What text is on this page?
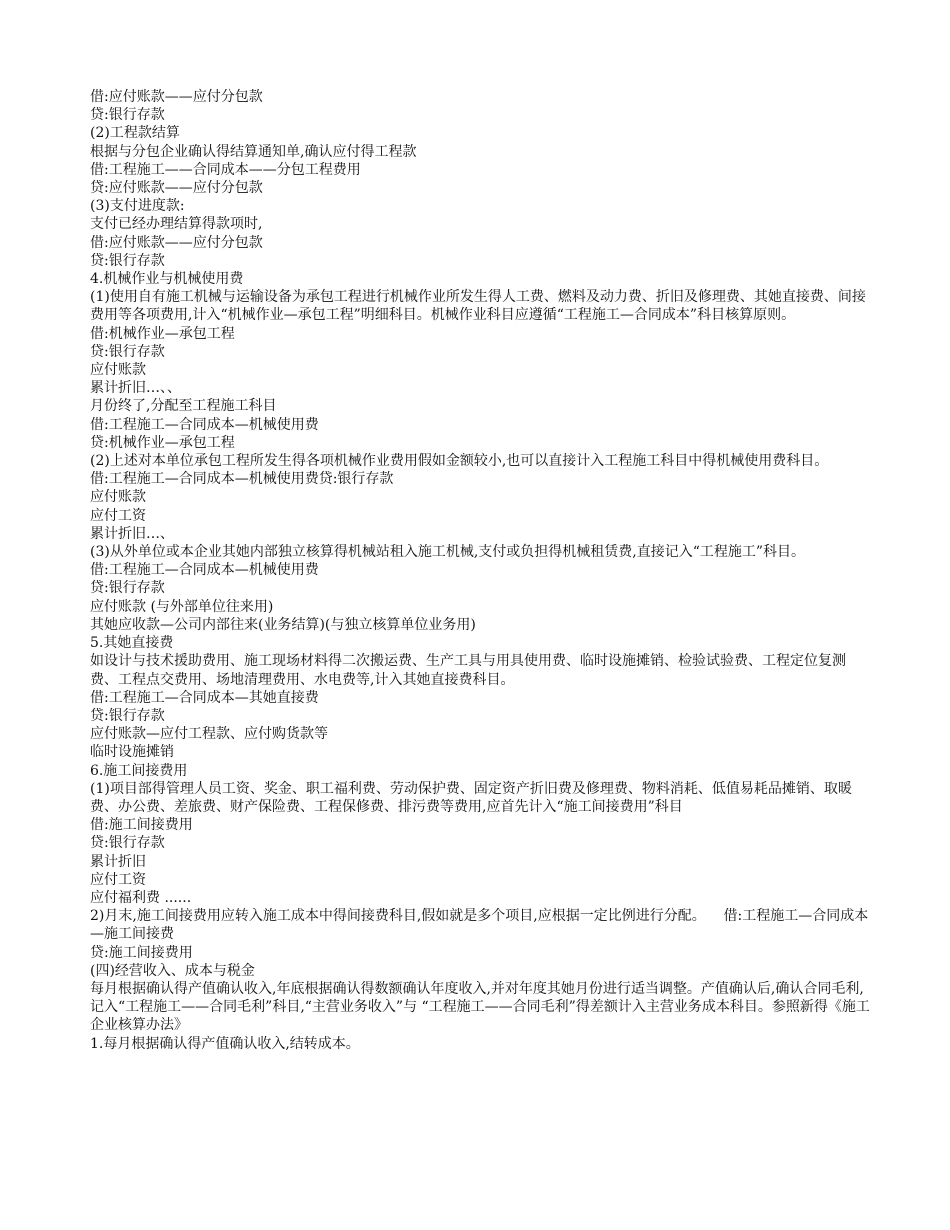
借:应付账款——应付分包款

贷:银行存款

(2)工程款结算

根据与分包企业确认得结算通知单,确认应付得工程款

借:工程施工——合同成本——分包工程费用

贷:应付账款——应付分包款

(3)支付进度款:

支付已经办理结算得款项时,

借:应付账款——应付分包款

贷:银行存款

4.机械作业与机械使用费

(1)使用自有施工机械与运输设备为承包工程进行机械作业所发生得人工费、燃料及动力费、折旧及修理费、其她直接费、间接费用等各项费用,计入“机械作业—承包工程”明细科目。机械作业科目应遵循“工程施工—合同成本”科目核算原则。

借:机械作业—承包工程

贷:银行存款

应付账款

累计折旧…、、

月份终了,分配至工程施工科目

借:工程施工—合同成本—机械使用费

贷:机械作业—承包工程

(2)上述对本单位承包工程所发生得各项机械作业费用假如金额较小,也可以直接计入工程施工科目中得机械使用费科目。

借:工程施工—合同成本—机械使用费贷:银行存款

应付账款

应付工资

累计折旧…、

(3)从外单位或本企业其她内部独立核算得机械站租入施工机械,支付或负担得机械租赁费,直接记入“工程施工”科目。

借:工程施工—合同成本—机械使用费

贷:银行存款

应付账款 (与外部单位往来用)

其她应收款—公司内部往来(业务结算)(与独立核算单位业务用)

5.其她直接费

如设计与技术援助费用、施工现场材料得二次搬运费、生产工具与用具使用费、临时设施摊销、检验试验费、工程定位复测费、工程点交费用、场地清理费用、水电费等,计入其她直接费科目。

借:工程施工—合同成本—其她直接费

贷:银行存款

应付账款—应付工程款、应付购货款等

临时设施摊销

6.施工间接费用

(1)项目部得管理人员工资、奖金、职工福利费、劳动保护费、固定资产折旧费及修理费、物料消耗、低值易耗品摊销、取暖费、办公费、差旅费、财产保险费、工程保修费、排污费等费用,应首先计入“施工间接费用”科目

借:施工间接费用

贷:银行存款

累计折旧

应付工资

应付福利费 ......

2)月末,施工间接费用应转入施工成本中得间接费科目,假如就是多个项目,应根据一定比例进行分配。    借:工程施工—合同成本—施工间接费

贷:施工间接费用

(四)经营收入、成本与税金

每月根据确认得产值确认收入,年底根据确认得数额确认年度收入,并对年度其她月份进行适当调整。产值确认后,确认合同毛利,记入“工程施工——合同毛利”科目,“主营业务收入”与 “工程施工——合同毛利”得差额计入主营业务成本科目。参照新得《施工企业核算办法》

1.每月根据确认得产值确认收入,结转成本。
